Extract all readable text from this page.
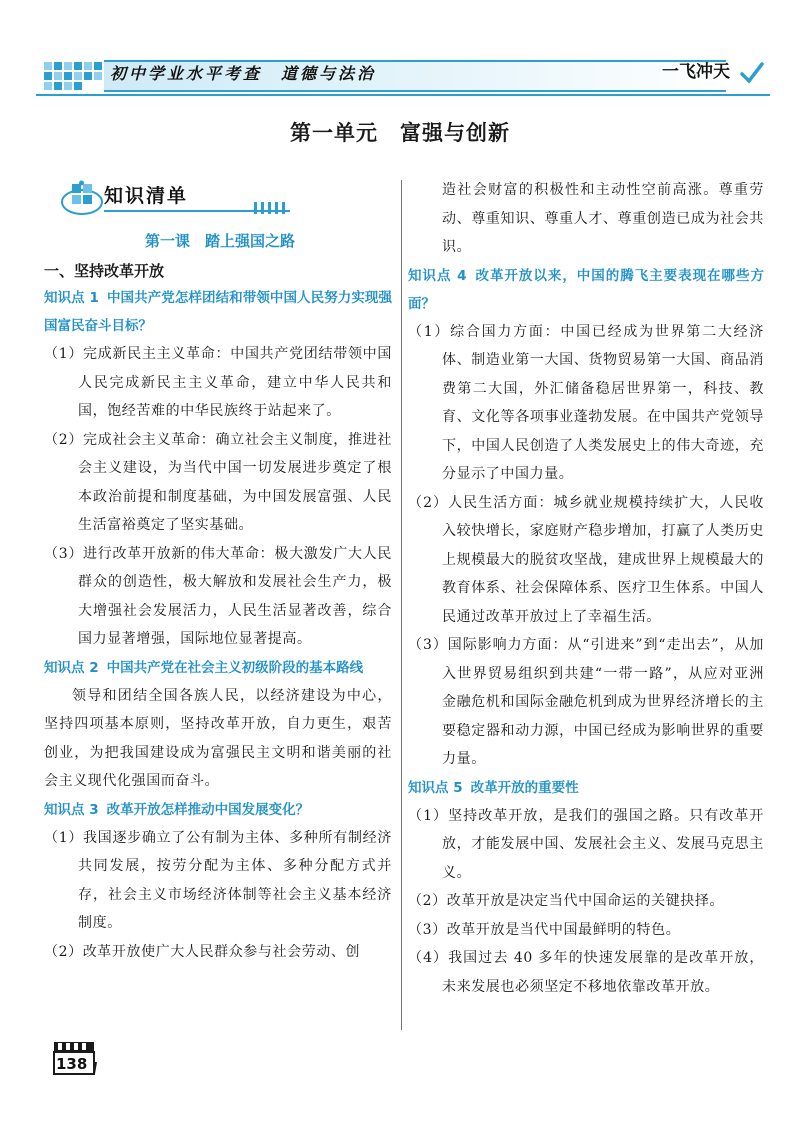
初中学业水平考查　道德与法治	一飞冲天
第一单元　富强与创新
知识清单
第一课　踏上强国之路
一、坚持改革开放
知识点 1 中国共产党怎样团结和带领中国人民努力实现强国富民奋斗目标？
（1）完成新民主主义革命：中国共产党团结带领中国人民完成新民主主义革命，建立中华人民共和国，饱经苦难的中华民族终于站起来了。
（2）完成社会主义革命：确立社会主义制度，推进社会主义建设，为当代中国一切发展进步奠定了根本政治前提和制度基础，为中国发展富强、人民生活富裕奠定了坚实基础。
（3）进行改革开放新的伟大革命：极大激发广大人民群众的创造性，极大解放和发展社会生产力，极大增强社会发展活力，人民生活显著改善，综合国力显著增强，国际地位显著提高。
知识点 2 中国共产党在社会主义初级阶段的基本路线
领导和团结全国各族人民，以经济建设为中心，坚持四项基本原则，坚持改革开放，自力更生，艰苦创业，为把我国建设成为富强民主文明和谐美丽的社会主义现代化强国而奋斗。
知识点 3 改革开放怎样推动中国发展变化？
（1）我国逐步确立了公有制为主体、多种所有制经济共同发展，按劳分配为主体、多种分配方式并存，社会主义市场经济体制等社会主义基本经济制度。
（2）改革开放使广大人民群众参与社会劳动、创
造社会财富的积极性和主动性空前高涨。尊重劳动、尊重知识、尊重人才、尊重创造已成为社会共识。
知识点 4 改革开放以来，中国的腾飞主要表现在哪些方面？
（1）综合国力方面：中国已经成为世界第二大经济体、制造业第一大国、货物贸易第一大国、商品消费第二大国，外汇储备稳居世界第一，科技、教育、文化等各项事业蓬勃发展。在中国共产党领导下，中国人民创造了人类发展史上的伟大奇迹，充分显示了中国力量。
（2）人民生活方面：城乡就业规模持续扩大，人民收入较快增长，家庭财产稳步增加，打赢了人类历史上规模最大的脱贫攻坚战，建成世界上规模最大的教育体系、社会保障体系、医疗卫生体系。中国人民通过改革开放过上了幸福生活。
（3）国际影响力方面：从“引进来”到“走出去”，从加入世界贸易组织到共建“一带一路”，从应对亚洲金融危机和国际金融危机到成为世界经济增长的主要稳定器和动力源，中国已经成为影响世界的重要力量。
知识点 5 改革开放的重要性
（1）坚持改革开放，是我们的强国之路。只有改革开放，才能发展中国、发展社会主义、发展马克思主义。
（2）改革开放是决定当代中国命运的关键抉择。
（3）改革开放是当代中国最鲜明的特色。
（4）我国过去 40 多年的快速发展靠的是改革开放，未来发展也必须坚定不移地依靠改革开放。
138
